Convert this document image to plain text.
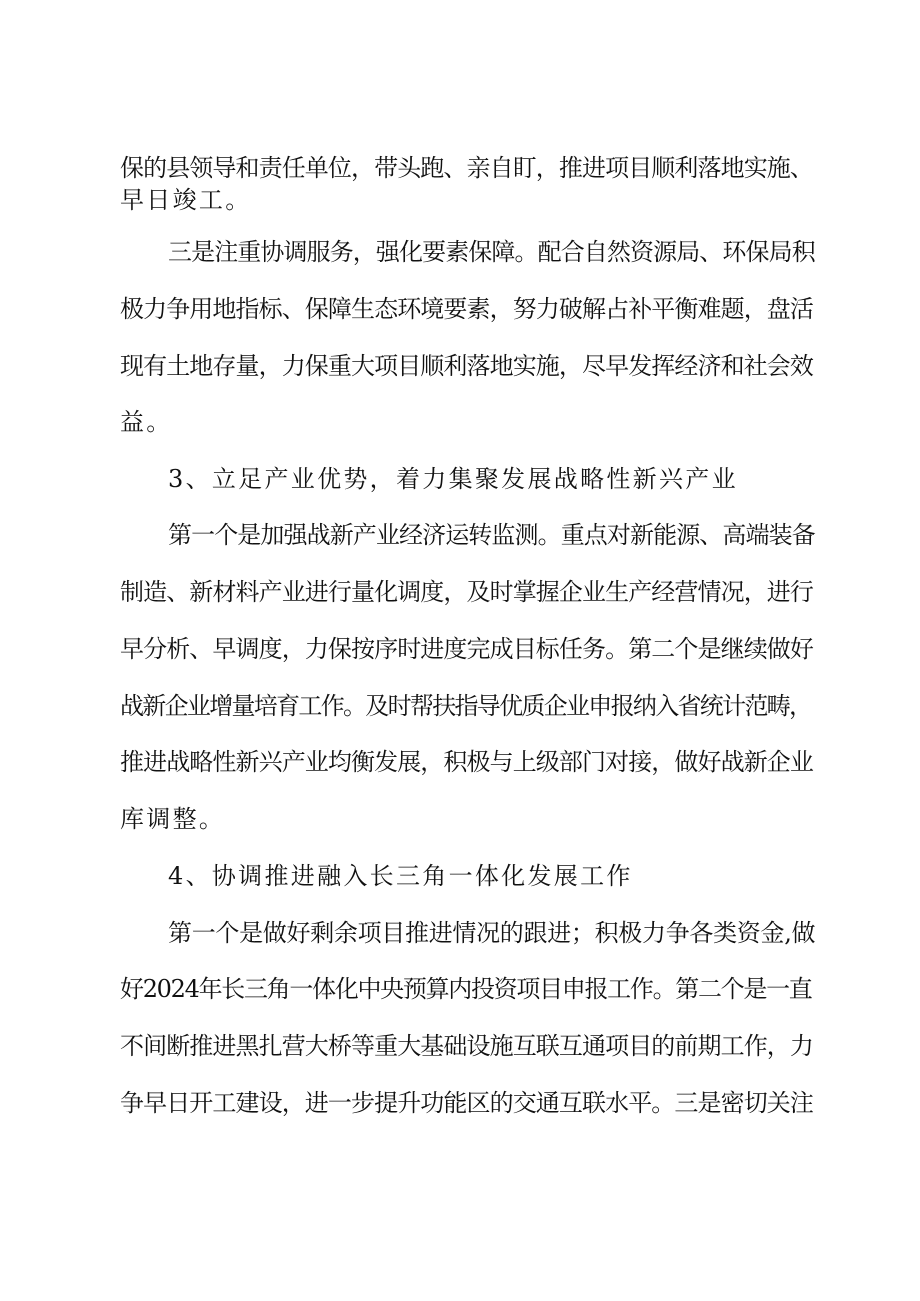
保的县领导和责任单位，带头跑、亲自盯，推进项目顺利落地实施、
早日竣工。
三是注重协调服务，强化要素保障。配合自然资源局、环保局积
极力争用地指标、保障生态环境要素，努力破解占补平衡难题，盘活
现有土地存量，力保重大项目顺利落地实施，尽早发挥经济和社会效
益。
3、立足产业优势，着力集聚发展战略性新兴产业
第一个是加强战新产业经济运转监测。重点对新能源、高端装备
制造、新材料产业进行量化调度，及时掌握企业生产经营情况，进行
早分析、早调度，力保按序时进度完成目标任务。第二个是继续做好
战新企业增量培育工作。及时帮扶指导优质企业申报纳入省统计范畴，
推进战略性新兴产业均衡发展，积极与上级部门对接，做好战新企业
库调整。
4、协调推进融入长三角一体化发展工作
第一个是做好剩余项目推进情况的跟进；积极力争各类资金,做
好2024年长三角一体化中央预算内投资项目申报工作。第二个是一直
不间断推进黑扎营大桥等重大基础设施互联互通项目的前期工作，力
争早日开工建设，进一步提升功能区的交通互联水平。三是密切关注
